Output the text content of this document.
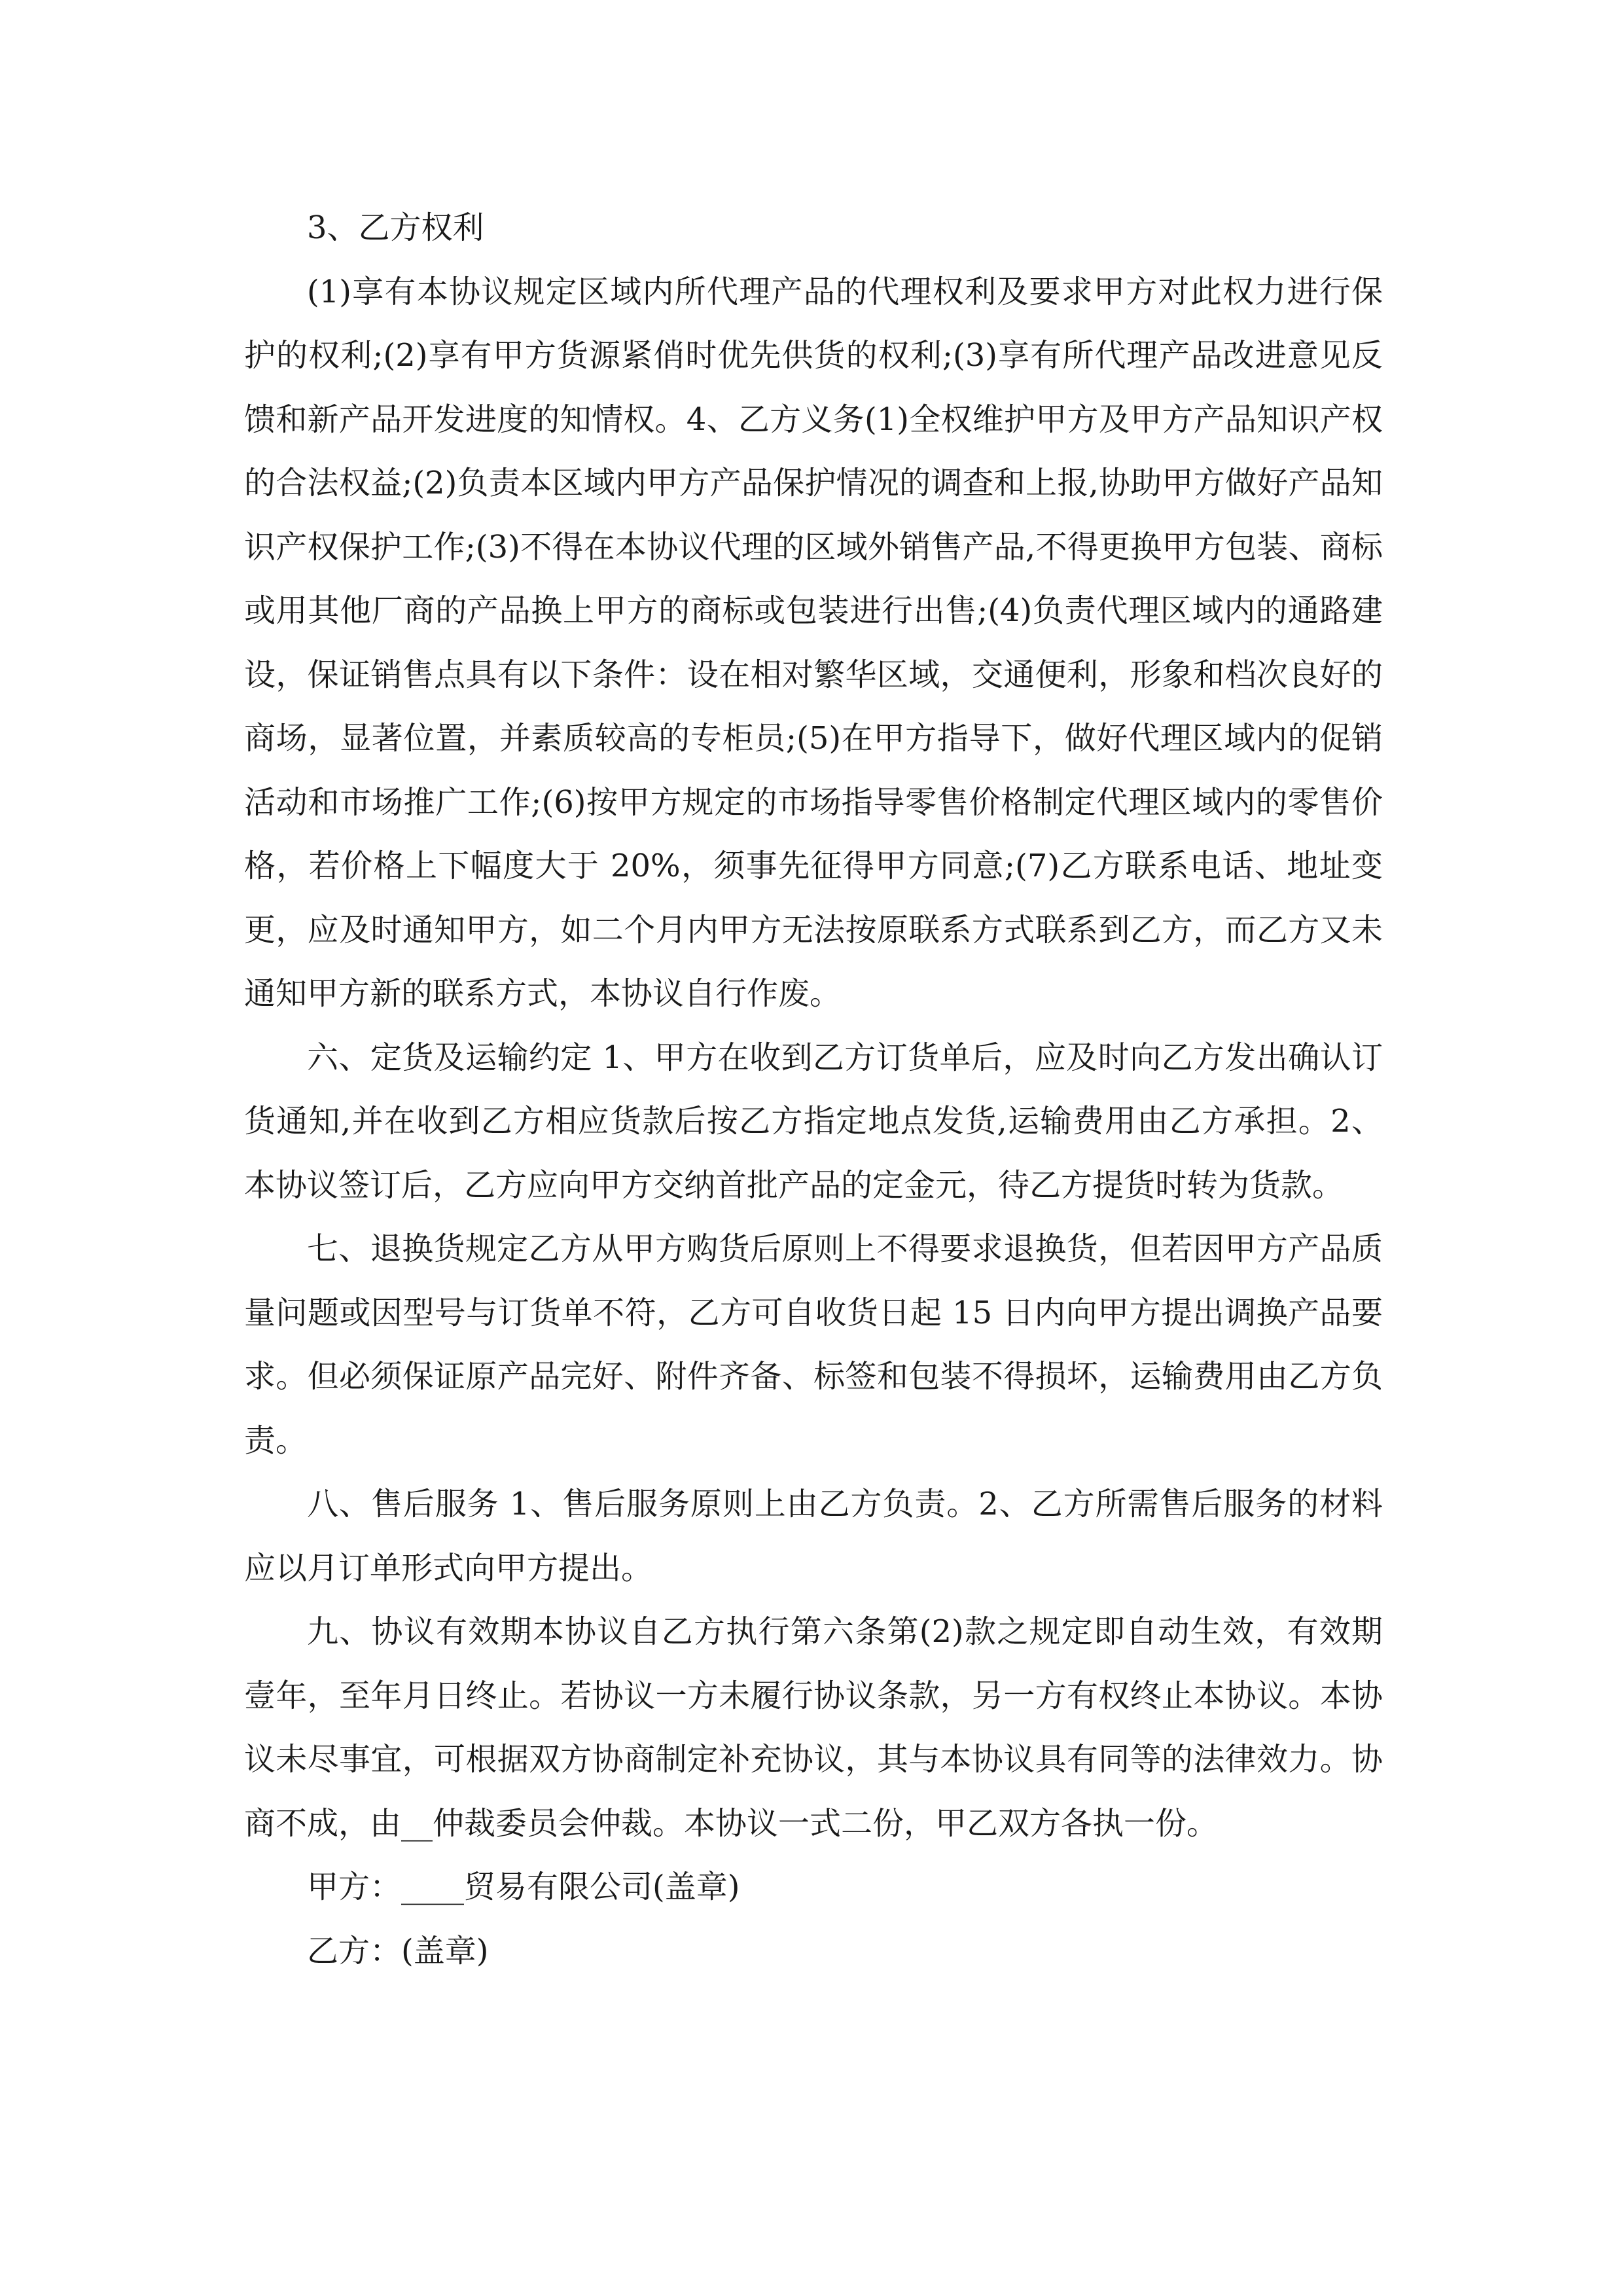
3、乙方权利

(1)享有本协议规定区域内所代理产品的代理权利及要求甲方对此权力进行保护的权利;(2)享有甲方货源紧俏时优先供货的权利;(3)享有所代理产品改进意见反馈和新产品开发进度的知情权。4、乙方义务(1)全权维护甲方及甲方产品知识产权的合法权益;(2)负责本区域内甲方产品保护情况的调查和上报,协助甲方做好产品知识产权保护工作;(3)不得在本协议代理的区域外销售产品,不得更换甲方包装、商标或用其他厂商的产品换上甲方的商标或包装进行出售;(4)负责代理区域内的通路建设，保证销售点具有以下条件：设在相对繁华区域，交通便利，形象和档次良好的商场，显著位置，并素质较高的专柜员;(5)在甲方指导下，做好代理区域内的促销活动和市场推广工作;(6)按甲方规定的市场指导零售价格制定代理区域内的零售价格，若价格上下幅度大于 20%，须事先征得甲方同意;(7)乙方联系电话、地址变更，应及时通知甲方，如二个月内甲方无法按原联系方式联系到乙方，而乙方又未通知甲方新的联系方式，本协议自行作废。

六、定货及运输约定 1、甲方在收到乙方订货单后，应及时向乙方发出确认订货通知,并在收到乙方相应货款后按乙方指定地点发货,运输费用由乙方承担。2、本协议签订后，乙方应向甲方交纳首批产品的定金元，待乙方提货时转为货款。

七、退换货规定乙方从甲方购货后原则上不得要求退换货，但若因甲方产品质量问题或因型号与订货单不符，乙方可自收货日起 15 日内向甲方提出调换产品要求。但必须保证原产品完好、附件齐备、标签和包装不得损坏，运输费用由乙方负责。

八、售后服务 1、售后服务原则上由乙方负责。2、乙方所需售后服务的材料应以月订单形式向甲方提出。

九、协议有效期本协议自乙方执行第六条第(2)款之规定即自动生效，有效期壹年，至年月日终止。若协议一方未履行协议条款，另一方有权终止本协议。本协议未尽事宜，可根据双方协商制定补充协议，其与本协议具有同等的法律效力。协商不成，由__仲裁委员会仲裁。本协议一式二份，甲乙双方各执一份。

甲方：____贸易有限公司(盖章)

乙方：(盖章)
